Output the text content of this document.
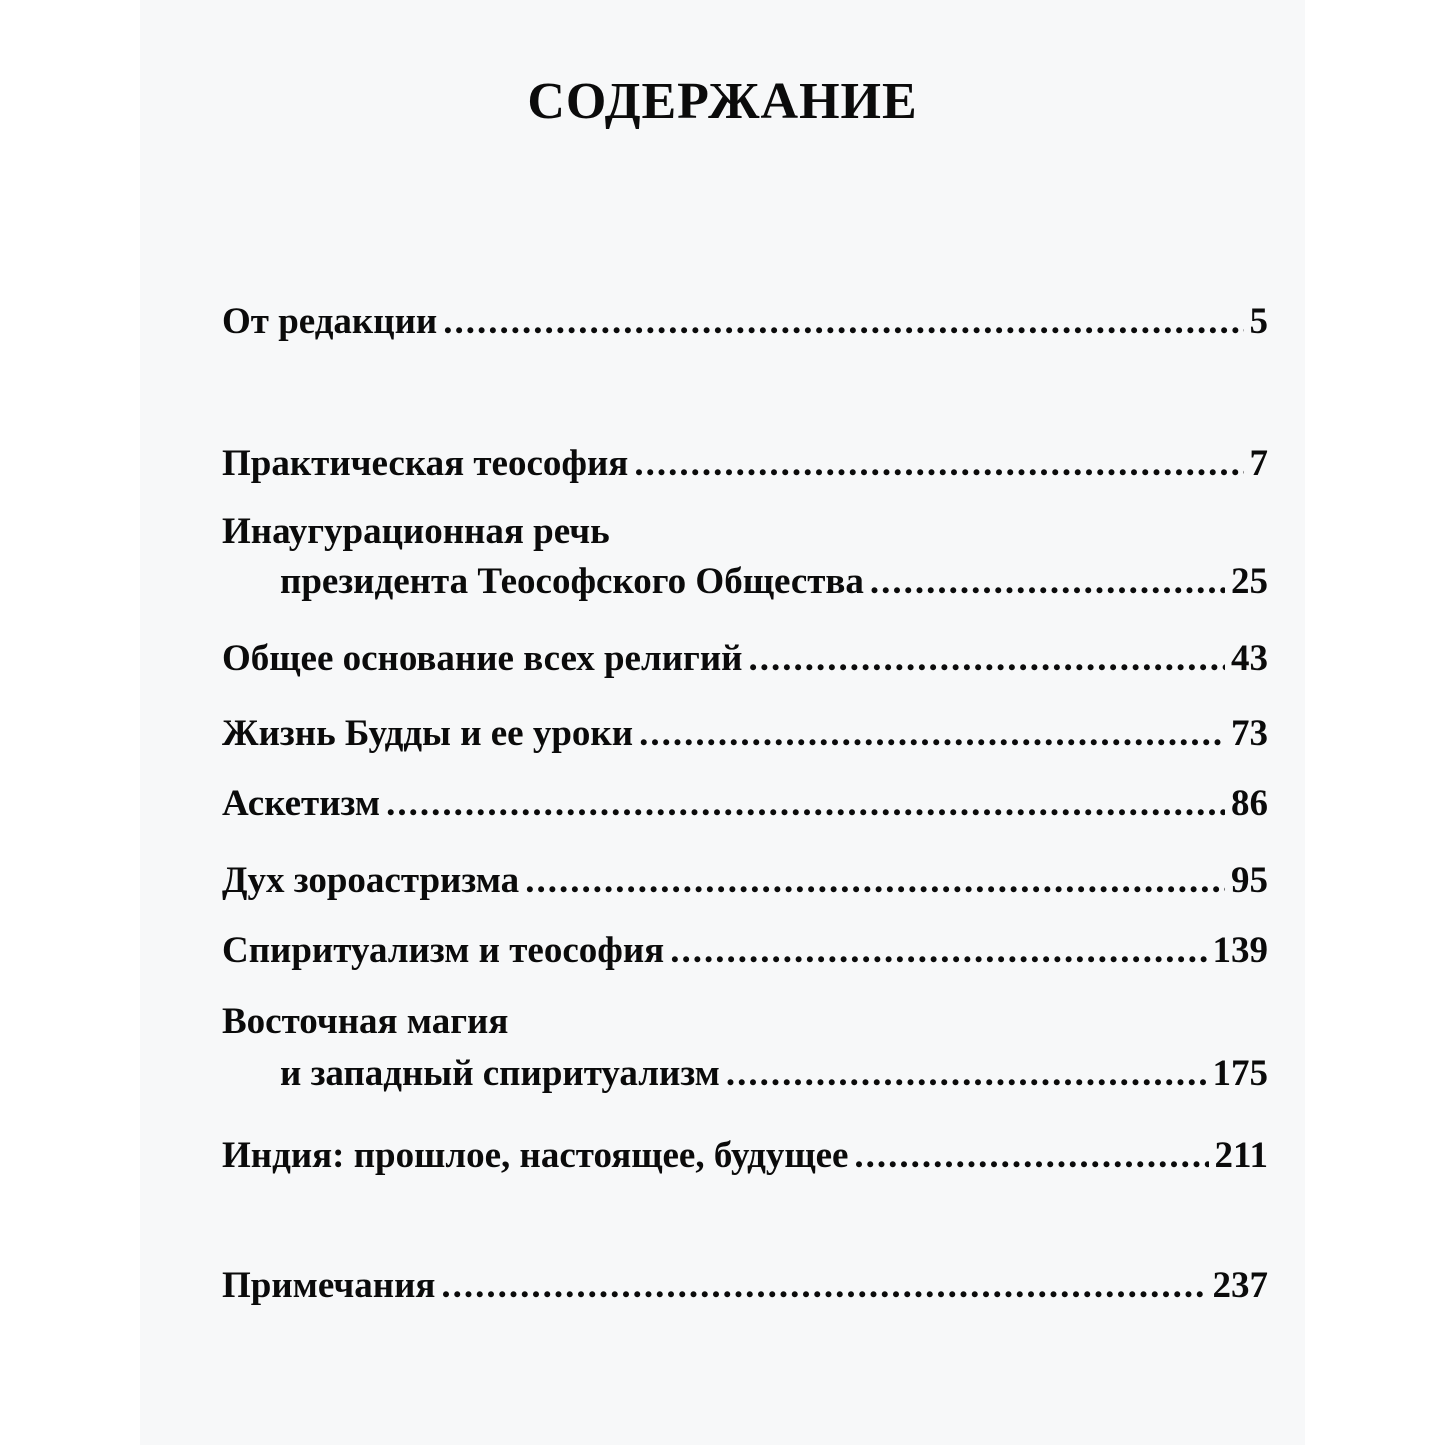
СОДЕРЖАНИЕ
От редакции .....	5
Практическая теософия .....	7
Инаугурационная речь
президента Теософского Общества .....	25
Общее основание всех религий .....	43
Жизнь Будды и ее уроки .....	73
Аскетизм .....	86
Дух зороастризма .....	95
Спиритуализм и теософия .....	139
Восточная магия
и западный спиритуализм .....	175
Индия: прошлое, настоящее, будущее .....	211
Примечания .....	237
